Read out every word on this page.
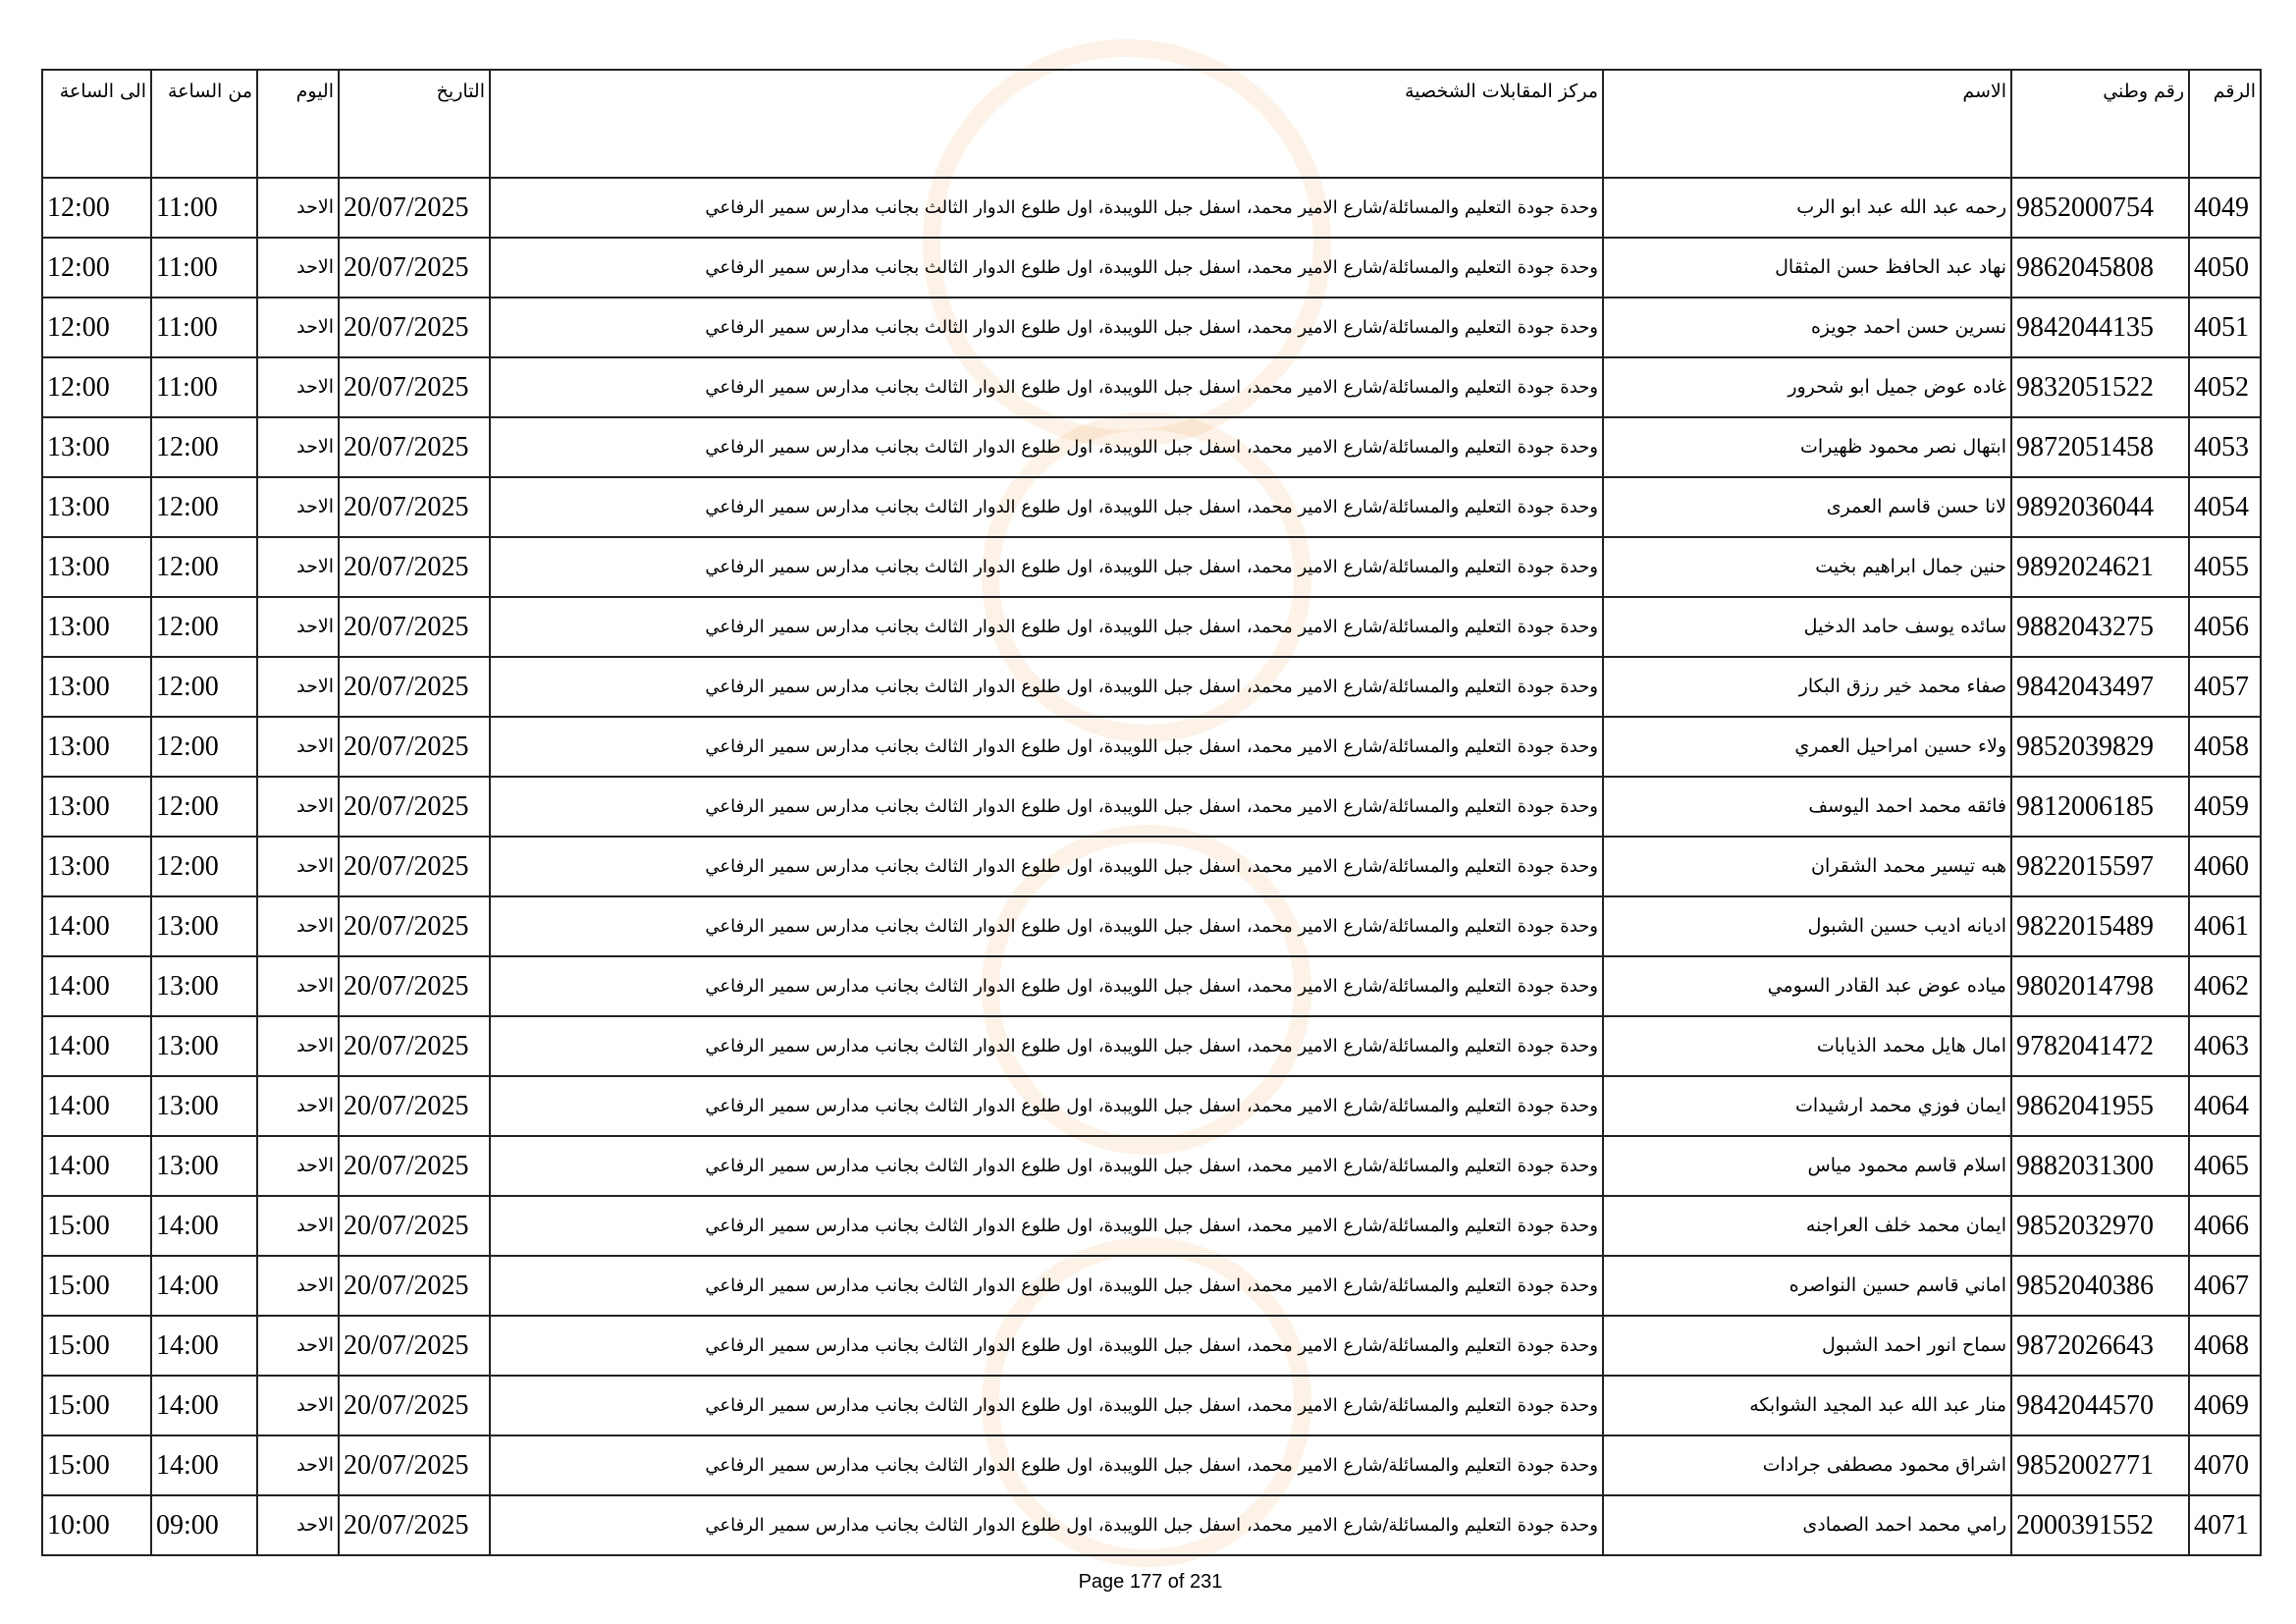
الرقم	رقم وطني	الاسم	مركز المقابلات الشخصية	التاريخ	اليوم	من الساعة	الى الساعة
4049	9852000754	رحمه عبد الله عبد ابو الرب	وحدة جودة التعليم والمسائلة/شارع الامير محمد، اسفل جبل اللويبدة، اول طلوع الدوار الثالث بجانب مدارس سمير الرفاعي	20/07/2025	الاحد	11:00	12:00
4050	9862045808	نهاد عبد الحافظ حسن المثقال	وحدة جودة التعليم والمسائلة/شارع الامير محمد، اسفل جبل اللويبدة، اول طلوع الدوار الثالث بجانب مدارس سمير الرفاعي	20/07/2025	الاحد	11:00	12:00
4051	9842044135	نسرين حسن احمد جويزه	وحدة جودة التعليم والمسائلة/شارع الامير محمد، اسفل جبل اللويبدة، اول طلوع الدوار الثالث بجانب مدارس سمير الرفاعي	20/07/2025	الاحد	11:00	12:00
4052	9832051522	غاده عوض جميل ابو شحرور	وحدة جودة التعليم والمسائلة/شارع الامير محمد، اسفل جبل اللويبدة، اول طلوع الدوار الثالث بجانب مدارس سمير الرفاعي	20/07/2025	الاحد	11:00	12:00
4053	9872051458	ابتهال نصر محمود ظهيرات	وحدة جودة التعليم والمسائلة/شارع الامير محمد، اسفل جبل اللويبدة، اول طلوع الدوار الثالث بجانب مدارس سمير الرفاعي	20/07/2025	الاحد	12:00	13:00
4054	9892036044	لانا حسن قاسم العمرى	وحدة جودة التعليم والمسائلة/شارع الامير محمد، اسفل جبل اللويبدة، اول طلوع الدوار الثالث بجانب مدارس سمير الرفاعي	20/07/2025	الاحد	12:00	13:00
4055	9892024621	حنين جمال ابراهيم بخيت	وحدة جودة التعليم والمسائلة/شارع الامير محمد، اسفل جبل اللويبدة، اول طلوع الدوار الثالث بجانب مدارس سمير الرفاعي	20/07/2025	الاحد	12:00	13:00
4056	9882043275	سائده يوسف حامد الدخيل	وحدة جودة التعليم والمسائلة/شارع الامير محمد، اسفل جبل اللويبدة، اول طلوع الدوار الثالث بجانب مدارس سمير الرفاعي	20/07/2025	الاحد	12:00	13:00
4057	9842043497	صفاء محمد خير رزق البكار	وحدة جودة التعليم والمسائلة/شارع الامير محمد، اسفل جبل اللويبدة، اول طلوع الدوار الثالث بجانب مدارس سمير الرفاعي	20/07/2025	الاحد	12:00	13:00
4058	9852039829	ولاء حسين امراحيل العمري	وحدة جودة التعليم والمسائلة/شارع الامير محمد، اسفل جبل اللويبدة، اول طلوع الدوار الثالث بجانب مدارس سمير الرفاعي	20/07/2025	الاحد	12:00	13:00
4059	9812006185	فائقه محمد احمد اليوسف	وحدة جودة التعليم والمسائلة/شارع الامير محمد، اسفل جبل اللويبدة، اول طلوع الدوار الثالث بجانب مدارس سمير الرفاعي	20/07/2025	الاحد	12:00	13:00
4060	9822015597	هبه تيسير محمد الشقران	وحدة جودة التعليم والمسائلة/شارع الامير محمد، اسفل جبل اللويبدة، اول طلوع الدوار الثالث بجانب مدارس سمير الرفاعي	20/07/2025	الاحد	12:00	13:00
4061	9822015489	ادیانه ادیب حسین الشبول	وحدة جودة التعليم والمسائلة/شارع الامير محمد، اسفل جبل اللويبدة، اول طلوع الدوار الثالث بجانب مدارس سمير الرفاعي	20/07/2025	الاحد	13:00	14:00
4062	9802014798	مياده عوض عبد القادر السومي	وحدة جودة التعليم والمسائلة/شارع الامير محمد، اسفل جبل اللويبدة، اول طلوع الدوار الثالث بجانب مدارس سمير الرفاعي	20/07/2025	الاحد	13:00	14:00
4063	9782041472	امال هايل محمد الذيابات	وحدة جودة التعليم والمسائلة/شارع الامير محمد، اسفل جبل اللويبدة، اول طلوع الدوار الثالث بجانب مدارس سمير الرفاعي	20/07/2025	الاحد	13:00	14:00
4064	9862041955	ايمان فوزي محمد ارشيدات	وحدة جودة التعليم والمسائلة/شارع الامير محمد، اسفل جبل اللويبدة، اول طلوع الدوار الثالث بجانب مدارس سمير الرفاعي	20/07/2025	الاحد	13:00	14:00
4065	9882031300	اسلام قاسم محمود مياس	وحدة جودة التعليم والمسائلة/شارع الامير محمد، اسفل جبل اللويبدة، اول طلوع الدوار الثالث بجانب مدارس سمير الرفاعي	20/07/2025	الاحد	13:00	14:00
4066	9852032970	ايمان محمد خلف العراجنه	وحدة جودة التعليم والمسائلة/شارع الامير محمد، اسفل جبل اللويبدة، اول طلوع الدوار الثالث بجانب مدارس سمير الرفاعي	20/07/2025	الاحد	14:00	15:00
4067	9852040386	اماني قاسم حسين النواصره	وحدة جودة التعليم والمسائلة/شارع الامير محمد، اسفل جبل اللويبدة، اول طلوع الدوار الثالث بجانب مدارس سمير الرفاعي	20/07/2025	الاحد	14:00	15:00
4068	9872026643	سماح انور احمد الشبول	وحدة جودة التعليم والمسائلة/شارع الامير محمد، اسفل جبل اللويبدة، اول طلوع الدوار الثالث بجانب مدارس سمير الرفاعي	20/07/2025	الاحد	14:00	15:00
4069	9842044570	منار عبد الله عبد المجيد الشوابكه	وحدة جودة التعليم والمسائلة/شارع الامير محمد، اسفل جبل اللويبدة، اول طلوع الدوار الثالث بجانب مدارس سمير الرفاعي	20/07/2025	الاحد	14:00	15:00
4070	9852002771	اشراق محمود مصطفى جرادات	وحدة جودة التعليم والمسائلة/شارع الامير محمد، اسفل جبل اللويبدة، اول طلوع الدوار الثالث بجانب مدارس سمير الرفاعي	20/07/2025	الاحد	14:00	15:00
4071	2000391552	رامي محمد احمد الصمادى	وحدة جودة التعليم والمسائلة/شارع الامير محمد، اسفل جبل اللويبدة، اول طلوع الدوار الثالث بجانب مدارس سمير الرفاعي	20/07/2025	الاحد	09:00	10:00
Page 177 of 231
